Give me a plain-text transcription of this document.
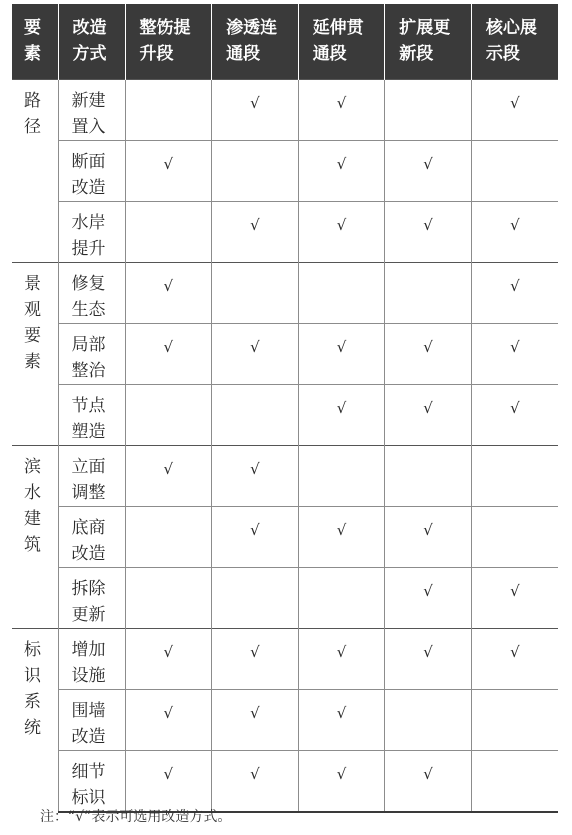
要素	改造方式	整饬提升段	渗透连通段	延伸贯通段	扩展更新段	核心展示段

路径	新建置入		√	√		√

	断面改造	√		√	√	

	水岸提升		√	√	√	√

景观要素	修复生态	√				√

	局部整治	√	√	√	√	√

	节点塑造			√	√	√

滨水建筑	立面调整	√	√			

	底商改造		√	√	√	

	拆除更新				√	√

标识系统	增加设施	√	√	√	√	√

	围墙改造	√	√	√		

	细节标识	√	√	√	√	
注：“√”表示可选用改造方式。
